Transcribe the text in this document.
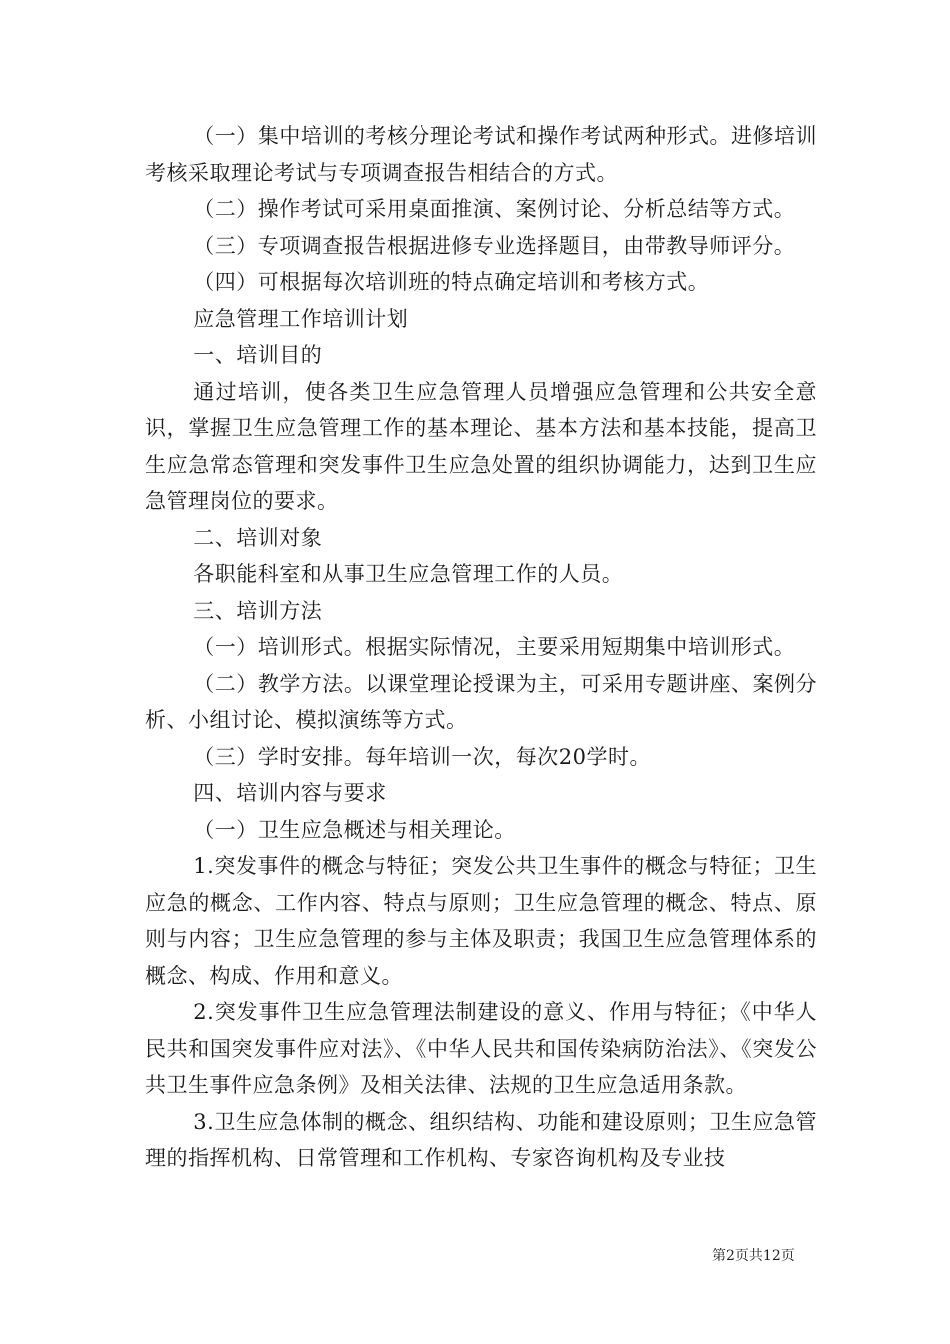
（一）集中培训的考核分理论考试和操作考试两种形式。进修培训考核采取理论考试与专项调查报告相结合的方式。

（二）操作考试可采用桌面推演、案例讨论、分析总结等方式。

（三）专项调查报告根据进修专业选择题目，由带教导师评分。

（四）可根据每次培训班的特点确定培训和考核方式。

应急管理工作培训计划

一、培训目的

通过培训，使各类卫生应急管理人员增强应急管理和公共安全意识，掌握卫生应急管理工作的基本理论、基本方法和基本技能，提高卫生应急常态管理和突发事件卫生应急处置的组织协调能力，达到卫生应急管理岗位的要求。

二、培训对象

各职能科室和从事卫生应急管理工作的人员。

三、培训方法

（一）培训形式。根据实际情况，主要采用短期集中培训形式。

（二）教学方法。以课堂理论授课为主，可采用专题讲座、案例分析、小组讨论、模拟演练等方式。

（三）学时安排。每年培训一次，每次20学时。

四、培训内容与要求

（一）卫生应急概述与相关理论。

1.突发事件的概念与特征；突发公共卫生事件的概念与特征；卫生应急的概念、工作内容、特点与原则；卫生应急管理的概念、特点、原则与内容；卫生应急管理的参与主体及职责；我国卫生应急管理体系的概念、构成、作用和意义。

2.突发事件卫生应急管理法制建设的意义、作用与特征；《中华人民共和国突发事件应对法》、《中华人民共和国传染病防治法》、《突发公共卫生事件应急条例》及相关法律、法规的卫生应急适用条款。

3.卫生应急体制的概念、组织结构、功能和建设原则；卫生应急管理的指挥机构、日常管理和工作机构、专家咨询机构及专业技

第2页共12页
